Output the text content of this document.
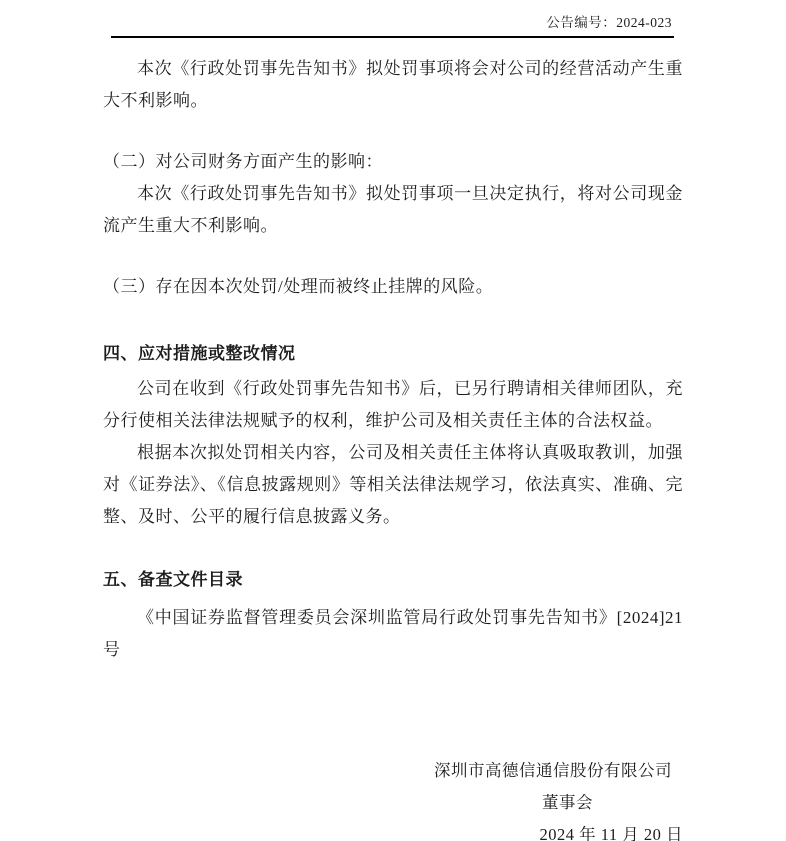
公告编号：2024-023

本次《行政处罚事先告知书》拟处罚事项将会对公司的经营活动产生重大不利影响。

（二）对公司财务方面产生的影响：

本次《行政处罚事先告知书》拟处罚事项一旦决定执行，将对公司现金流产生重大不利影响。

（三）存在因本次处罚/处理而被终止挂牌的风险。

四、应对措施或整改情况

公司在收到《行政处罚事先告知书》后，已另行聘请相关律师团队，充分行使相关法律法规赋予的权利，维护公司及相关责任主体的合法权益。

根据本次拟处罚相关内容，公司及相关责任主体将认真吸取教训，加强对《证券法》、《信息披露规则》等相关法律法规学习，依法真实、准确、完整、及时、公平的履行信息披露义务。

五、备查文件目录

《中国证券监督管理委员会深圳监管局行政处罚事先告知书》[2024]21 号

深圳市高德信通信股份有限公司

董事会

2024 年 11 月 20 日
